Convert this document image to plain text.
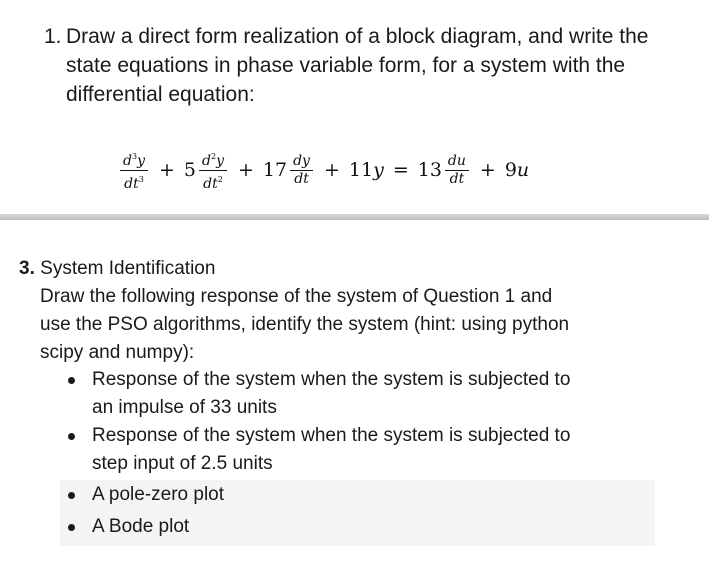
1. Draw a direct form realization of a block diagram, and write the
state equations in phase variable form, for a system with the
differential equation:
$\frac{d^3y}{dt^3} + 5 \frac{d^2y}{dt^2} + 17 \frac{dy}{dt} + 11$ $y = 13 \frac{du}{dt} + 9$ u
3. System Identification
Draw the following response of the system of Question 1 and
use the PSO algorithms, identify the system (hint: using python
scipy and numpy):
Response of the system when the system is subjected to
an impulse of 33 units
Response of the system when the system is subjected to
step input of 2.5 units
A pole-zero plot
A Bode plot
